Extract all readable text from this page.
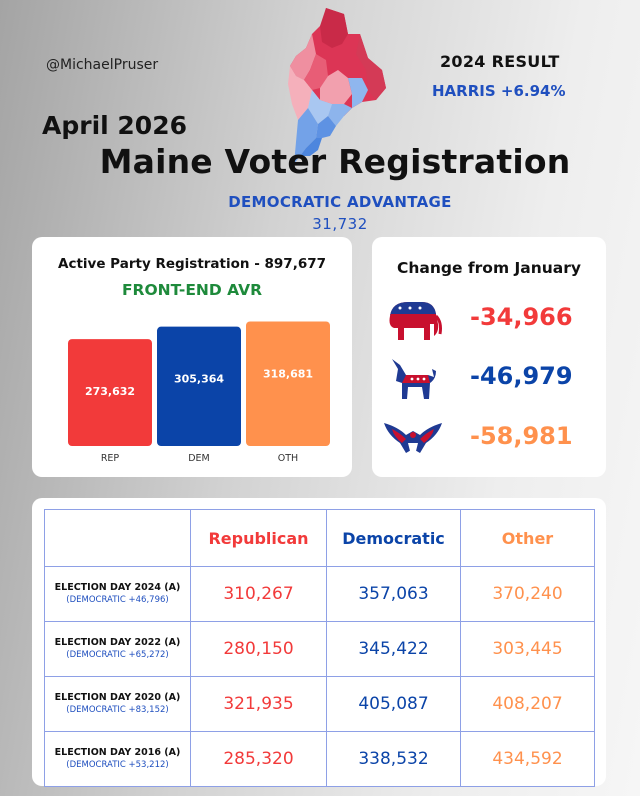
@MichaelPruser	2024 RESULT
HARRIS +6.94%
April 2026
Maine Voter Registration
DEMOCRATIC ADVANTAGE
31,732
Active Party Registration - 897,677
FRONT-END AVR
273,632
REP
305,364
DEM
318,681
OTH
Change from January
-34,966
-46,979
-58,981
	Republican	Democratic	Other
ELECTION DAY 2024 (A)
(DEMOCRATIC +46,796)	310,267	357,063	370,240
ELECTION DAY 2022 (A)
(DEMOCRATIC +65,272)	280,150	345,422	303,445
ELECTION DAY 2020 (A)
(DEMOCRATIC +83,152)	321,935	405,087	408,207
ELECTION DAY 2016 (A)
(DEMOCRATIC +53,212)	285,320	338,532	434,592
